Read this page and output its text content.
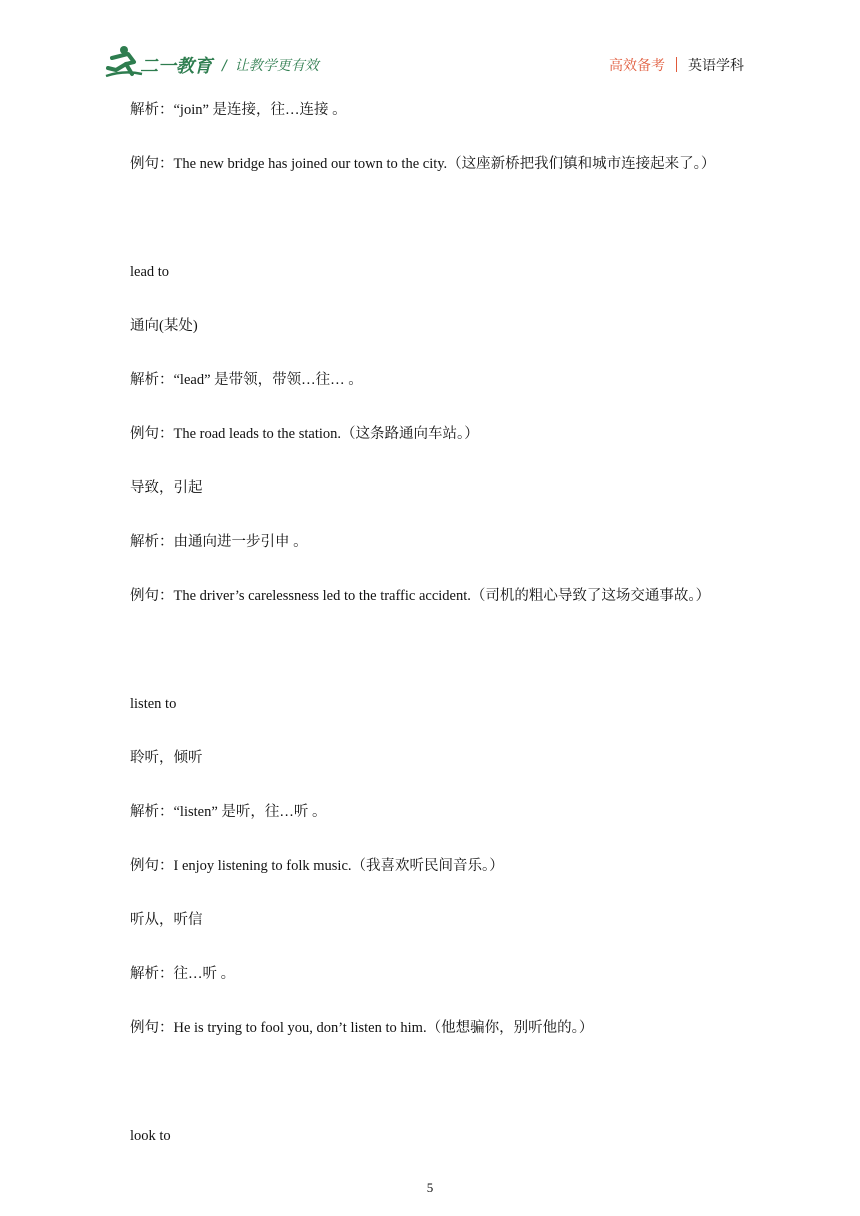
二一教育 / 让教学更有效	高效备考 英语学科
解析：“join” 是连接，往…连接 。
例句：The new bridge has joined our town to the city.（这座新桥把我们镇和城市连接起来了。）
lead to
通向(某处)
解析：“lead” 是带领，带领…往… 。
例句：The road leads to the station.（这条路通向车站。）
导致，引起
解析：由通向进一步引申 。
例句：The driver’s carelessness led to the traffic accident.（司机的粗心导致了这场交通事故。）
listen to
聆听，倾听
解析：“listen” 是听，往…听 。
例句：I enjoy listening to folk music.（我喜欢听民间音乐。）
听从，听信
解析：往…听 。
例句：He is trying to fool you, don’t listen to him.（他想骗你，别听他的。）
look to
5
